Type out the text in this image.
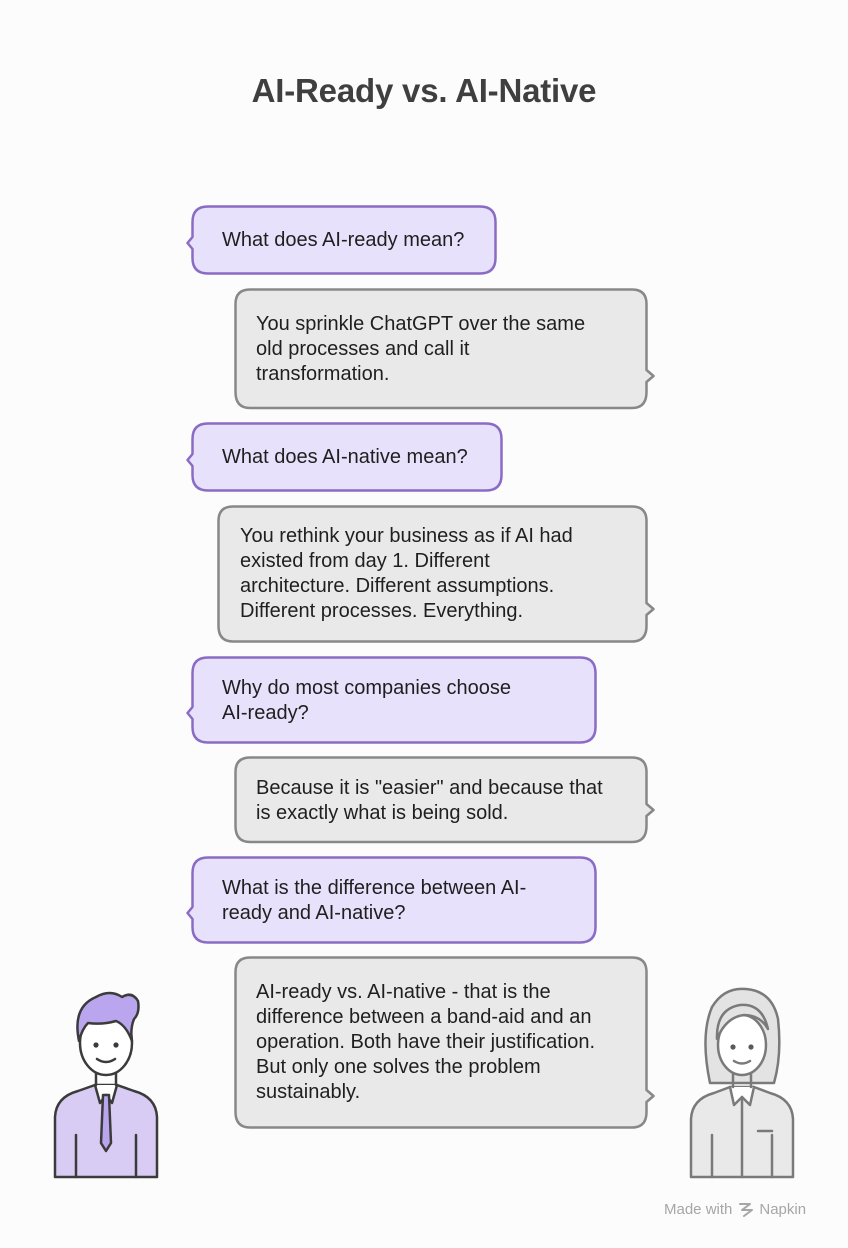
AI-Ready vs. AI-Native
What does AI-ready mean?
You sprinkle ChatGPT over the same
old processes and call it
transformation.
What does AI-native mean?
You rethink your business as if AI had
existed from day 1. Different
architecture. Different assumptions.
Different processes. Everything.
Why do most companies choose
AI-ready?
Because it is "easier" and because that
is exactly what is being sold.
What is the difference between AI-
ready and AI-native?
AI-ready vs. AI-native - that is the
difference between a band-aid and an
operation. Both have their justification.
But only one solves the problem
sustainably.
Made with Napkin
